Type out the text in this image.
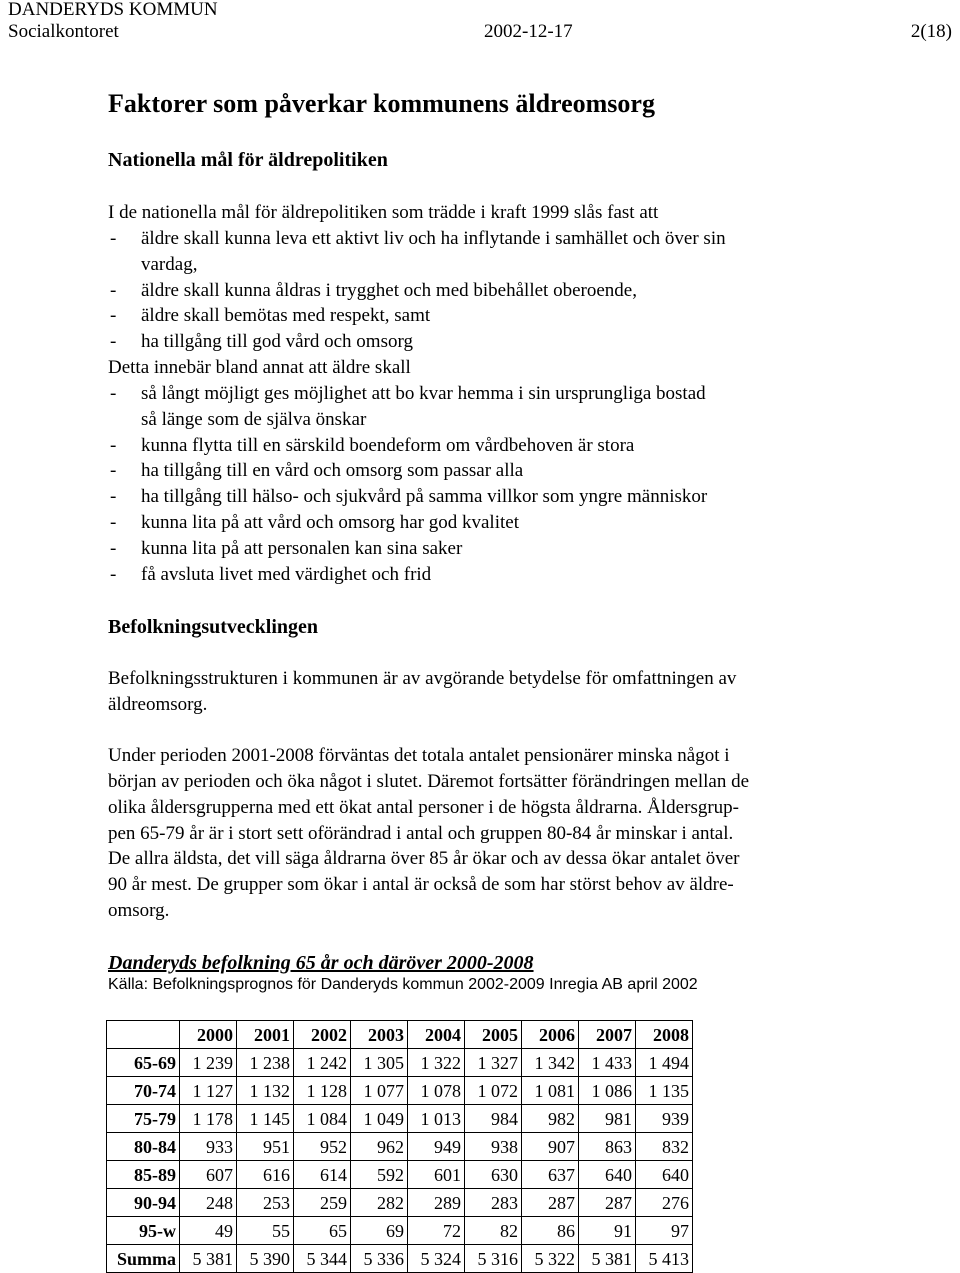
DANDERYDS KOMMUN
Socialkontoret	2002-12-17	2(18)
Faktorer som påverkar kommunens äldreomsorg
Nationella mål för äldrepolitiken
I de nationella mål för äldrepolitiken som trädde i kraft 1999 slås fast att
- äldre skall kunna leva ett aktivt liv och ha inflytande i samhället och över sin
vardag,
- äldre skall kunna åldras i trygghet och med bibehållet oberoende,
- äldre skall bemötas med respekt, samt
- ha tillgång till god vård och omsorg
Detta innebär bland annat att äldre skall
- så långt möjligt ges möjlighet att bo kvar hemma i sin ursprungliga bostad
så länge som de själva önskar
- kunna flytta till en särskild boendeform om vårdbehoven är stora
- ha tillgång till en vård och omsorg som passar alla
- ha tillgång till hälso- och sjukvård på samma villkor som yngre människor
- kunna lita på att vård och omsorg har god kvalitet
- kunna lita på att personalen kan sina saker
- få avsluta livet med värdighet och frid
Befolkningsutvecklingen
Befolkningsstrukturen i kommunen är av avgörande betydelse för omfattningen av
äldreomsorg.
Under perioden 2001-2008 förväntas det totala antalet pensionärer minska något i
början av perioden och öka något i slutet. Däremot fortsätter förändringen mellan de
olika åldersgrupperna med ett ökat antal personer i de högsta åldrarna. Åldersgrup-
pen 65-79 år är i stort sett oförändrad i antal och gruppen 80-84 år minskar i antal.
De allra äldsta, det vill säga åldrarna över 85 år ökar och av dessa ökar antalet över
90 år mest. De grupper som ökar i antal är också de som har störst behov av äldre-
omsorg.
Danderyds befolkning 65 år och däröver 2000-2008
Källa: Befolkningsprognos för Danderyds kommun 2002-2009 Inregia AB april 2002
	2000	2001	2002	2003	2004	2005	2006	2007	2008
65-69	1 239	1 238	1 242	1 305	1 322	1 327	1 342	1 433	1 494
70-74	1 127	1 132	1 128	1 077	1 078	1 072	1 081	1 086	1 135
75-79	1 178	1 145	1 084	1 049	1 013	984	982	981	939
80-84	933	951	952	962	949	938	907	863	832
85-89	607	616	614	592	601	630	637	640	640
90-94	248	253	259	282	289	283	287	287	276
95-w	49	55	65	69	72	82	86	91	97
Summa	5 381	5 390	5 344	5 336	5 324	5 316	5 322	5 381	5 413
